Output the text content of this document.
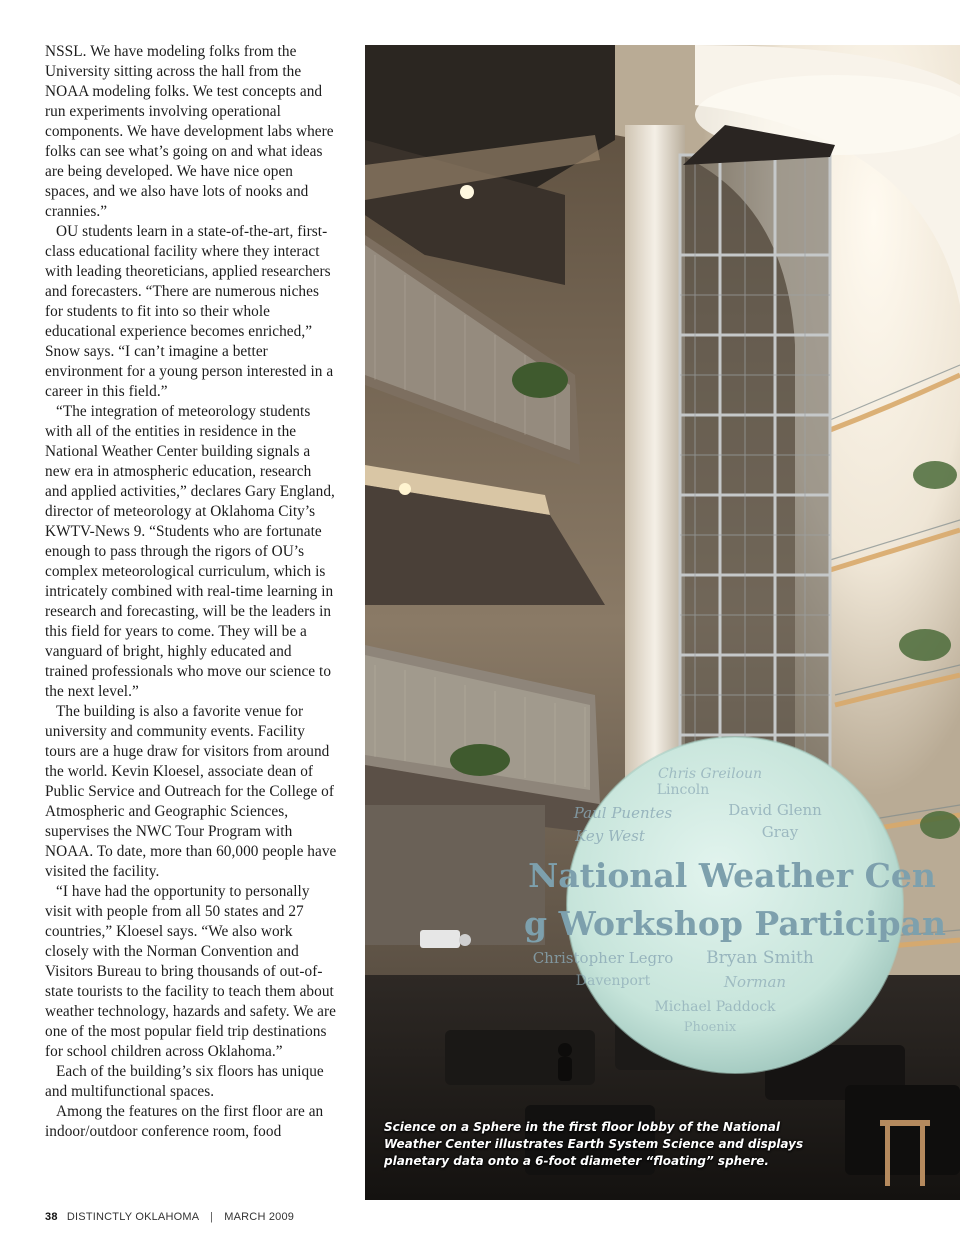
NSSL. We have modeling folks from the University sitting across the hall from the NOAA modeling folks. We test concepts and run experiments involving operational components. We have development labs where folks can see what’s going on and what ideas are being developed. We have nice open spaces, and we also have lots of nooks and crannies.”

OU students learn in a state-of-the-art, first-class educational facility where they interact with leading theoreticians, applied researchers and forecasters. “There are numerous niches for students to fit into so their whole educational experience becomes enriched,” Snow says. “I can’t imagine a better environment for a young person interested in a career in this field.”

“The integration of meteorology students with all of the entities in residence in the National Weather Center building signals a new era in atmospheric education, research and applied activities,” declares Gary England, director of meteorology at Oklahoma City’s KWTV-News 9. “Students who are fortunate enough to pass through the rigors of OU’s complex meteorological curriculum, which is intricately combined with real-time learning in research and forecasting, will be the leaders in this field for years to come. They will be a vanguard of bright, highly educated and trained professionals who move our science to the next level.”

The building is also a favorite venue for university and community events. Facility tours are a huge draw for visitors from around the world. Kevin Kloesel, associate dean of Public Service and Outreach for the College of Atmospheric and Geographic Sciences, supervises the NWC Tour Program with NOAA. To date, more than 60,000 people have visited the facility.

“I have had the opportunity to personally visit with people from all 50 states and 27 countries,” Kloesel says. “We also work closely with the Norman Convention and Visitors Bureau to bring thousands of out-of-state tourists to the facility to teach them about weather technology, hazards and safety. We are one of the most popular field trip destinations for school children across Oklahoma.”

Each of the building’s six floors has unique and multifunctional spaces.

Among the features on the first floor are an indoor/outdoor conference room, food

Chris Greiloun
Lincoln
Paul Puentes
Key West
David Glenn
Gray
National Weather Cen
g Workshop Participan
Christopher Legro
Davenport
Bryan Smith
Norman
Michael Paddock
Phoenix
Science on a Sphere in the first floor lobby of the National Weather Center illustrates Earth System Science and displays planetary data onto a 6-foot diameter “floating” sphere.
38 DISTINCTLY OKLAHOMA | MARCH 2009
